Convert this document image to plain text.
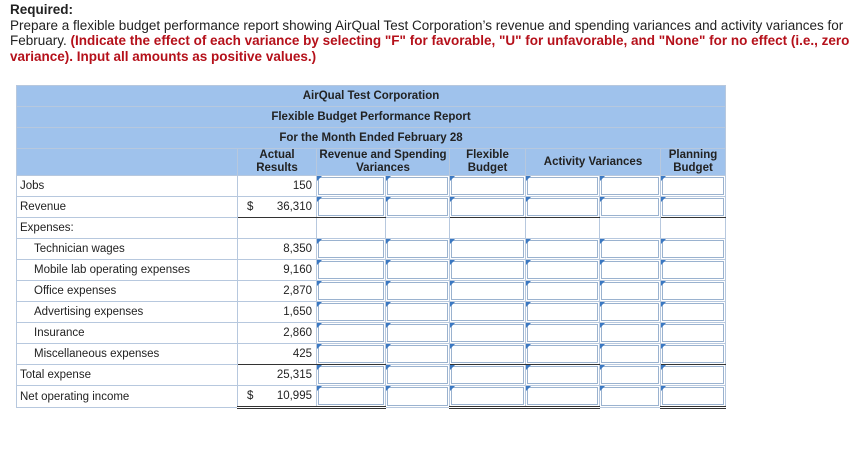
Required:
Prepare a flexible budget performance report showing AirQual Test Corporation’s revenue and spending variances and activity variances for February. (Indicate the effect of each variance by selecting "F" for favorable, "U" for unfavorable, and "None" for no effect (i.e., zero variance). Input all amounts as positive values.)
AirQual Test Corporation							
Flexible Budget Performance Report							
For the Month Ended February 28							
	Actual Results	Revenue and Spending Variances		Flexible Budget	Activity Variances		Planning Budget
Jobs	150	

Revenue	$ 36,310	

Expenses:	

Technician wages	8,350	

Mobile lab operating expenses	9,160	

Office expenses	2,870	

Advertising expenses	1,650	

Insurance	2,860	

Miscellaneous expenses	425	

Total expense	25,315	

Net operating income	$ 10,995	
